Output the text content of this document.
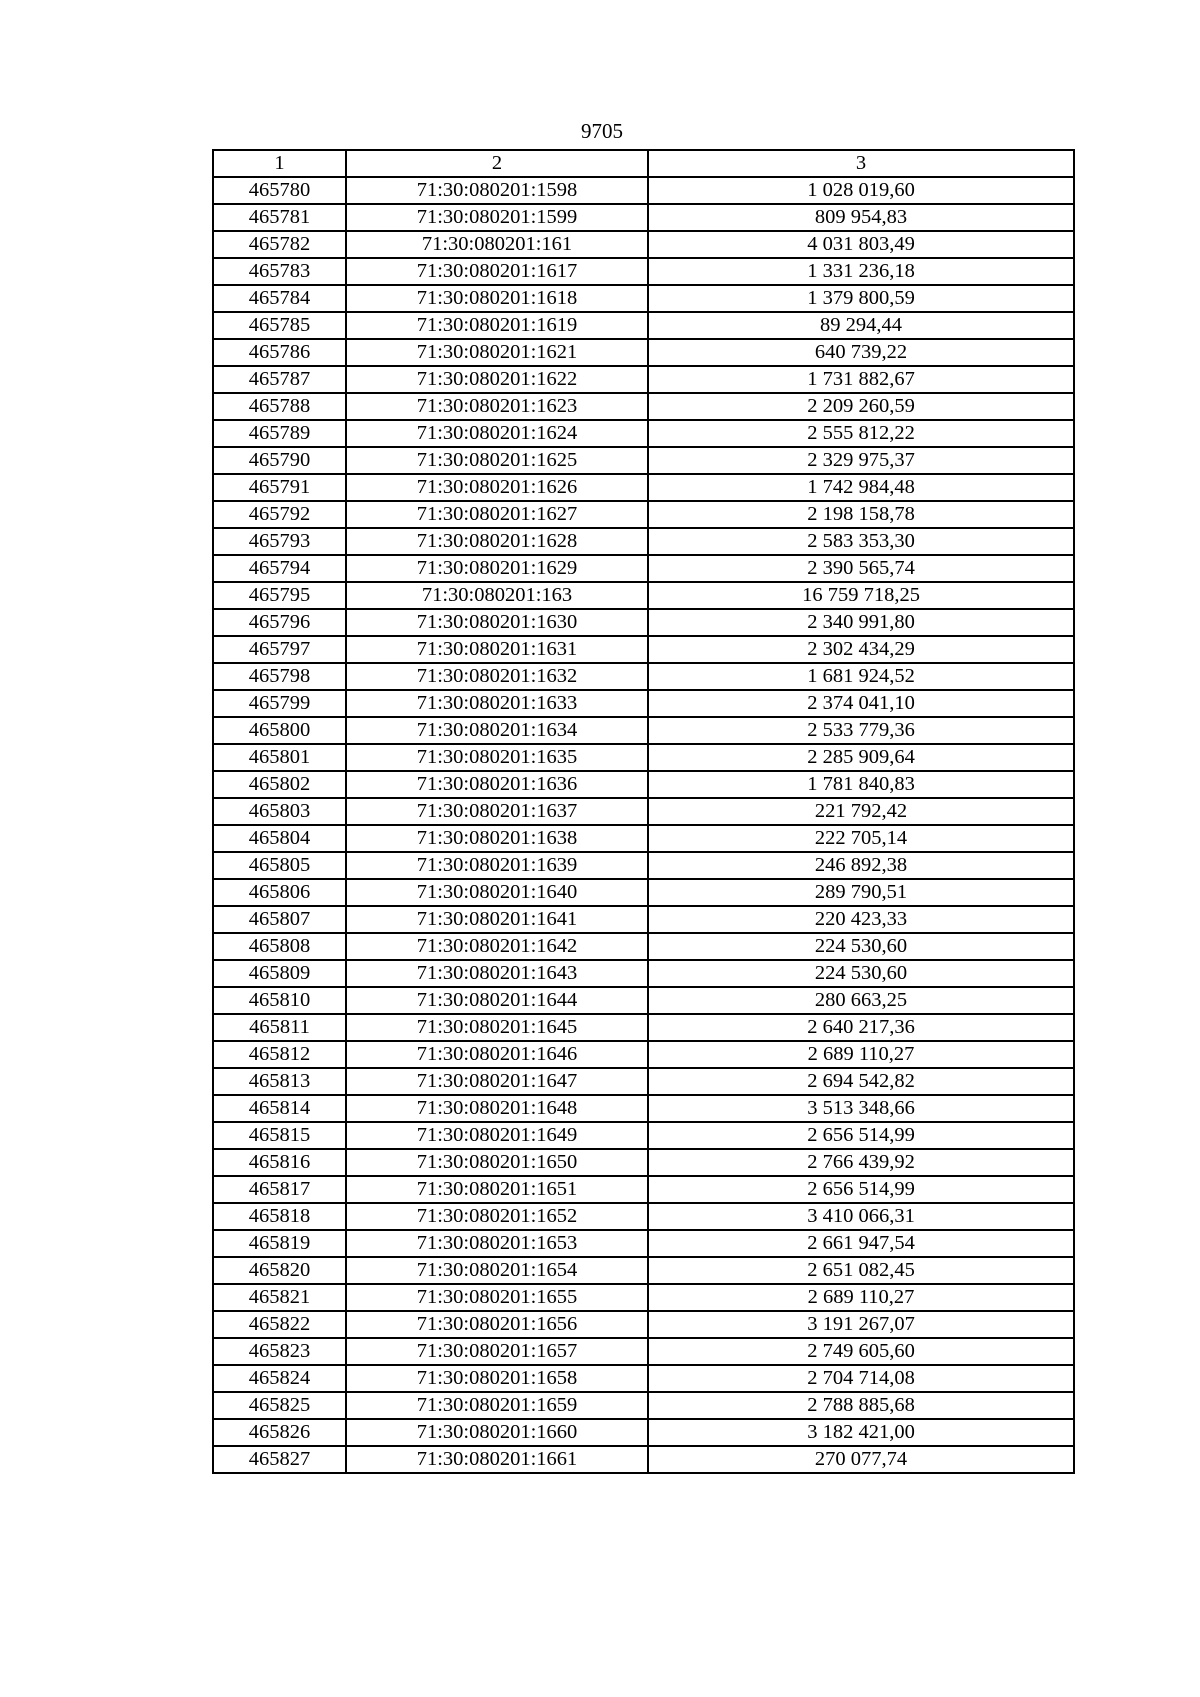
9705
1	2	3
465780	71:30:080201:1598	1 028 019,60
465781	71:30:080201:1599	809 954,83
465782	71:30:080201:161	4 031 803,49
465783	71:30:080201:1617	1 331 236,18
465784	71:30:080201:1618	1 379 800,59
465785	71:30:080201:1619	89 294,44
465786	71:30:080201:1621	640 739,22
465787	71:30:080201:1622	1 731 882,67
465788	71:30:080201:1623	2 209 260,59
465789	71:30:080201:1624	2 555 812,22
465790	71:30:080201:1625	2 329 975,37
465791	71:30:080201:1626	1 742 984,48
465792	71:30:080201:1627	2 198 158,78
465793	71:30:080201:1628	2 583 353,30
465794	71:30:080201:1629	2 390 565,74
465795	71:30:080201:163	16 759 718,25
465796	71:30:080201:1630	2 340 991,80
465797	71:30:080201:1631	2 302 434,29
465798	71:30:080201:1632	1 681 924,52
465799	71:30:080201:1633	2 374 041,10
465800	71:30:080201:1634	2 533 779,36
465801	71:30:080201:1635	2 285 909,64
465802	71:30:080201:1636	1 781 840,83
465803	71:30:080201:1637	221 792,42
465804	71:30:080201:1638	222 705,14
465805	71:30:080201:1639	246 892,38
465806	71:30:080201:1640	289 790,51
465807	71:30:080201:1641	220 423,33
465808	71:30:080201:1642	224 530,60
465809	71:30:080201:1643	224 530,60
465810	71:30:080201:1644	280 663,25
465811	71:30:080201:1645	2 640 217,36
465812	71:30:080201:1646	2 689 110,27
465813	71:30:080201:1647	2 694 542,82
465814	71:30:080201:1648	3 513 348,66
465815	71:30:080201:1649	2 656 514,99
465816	71:30:080201:1650	2 766 439,92
465817	71:30:080201:1651	2 656 514,99
465818	71:30:080201:1652	3 410 066,31
465819	71:30:080201:1653	2 661 947,54
465820	71:30:080201:1654	2 651 082,45
465821	71:30:080201:1655	2 689 110,27
465822	71:30:080201:1656	3 191 267,07
465823	71:30:080201:1657	2 749 605,60
465824	71:30:080201:1658	2 704 714,08
465825	71:30:080201:1659	2 788 885,68
465826	71:30:080201:1660	3 182 421,00
465827	71:30:080201:1661	270 077,74
